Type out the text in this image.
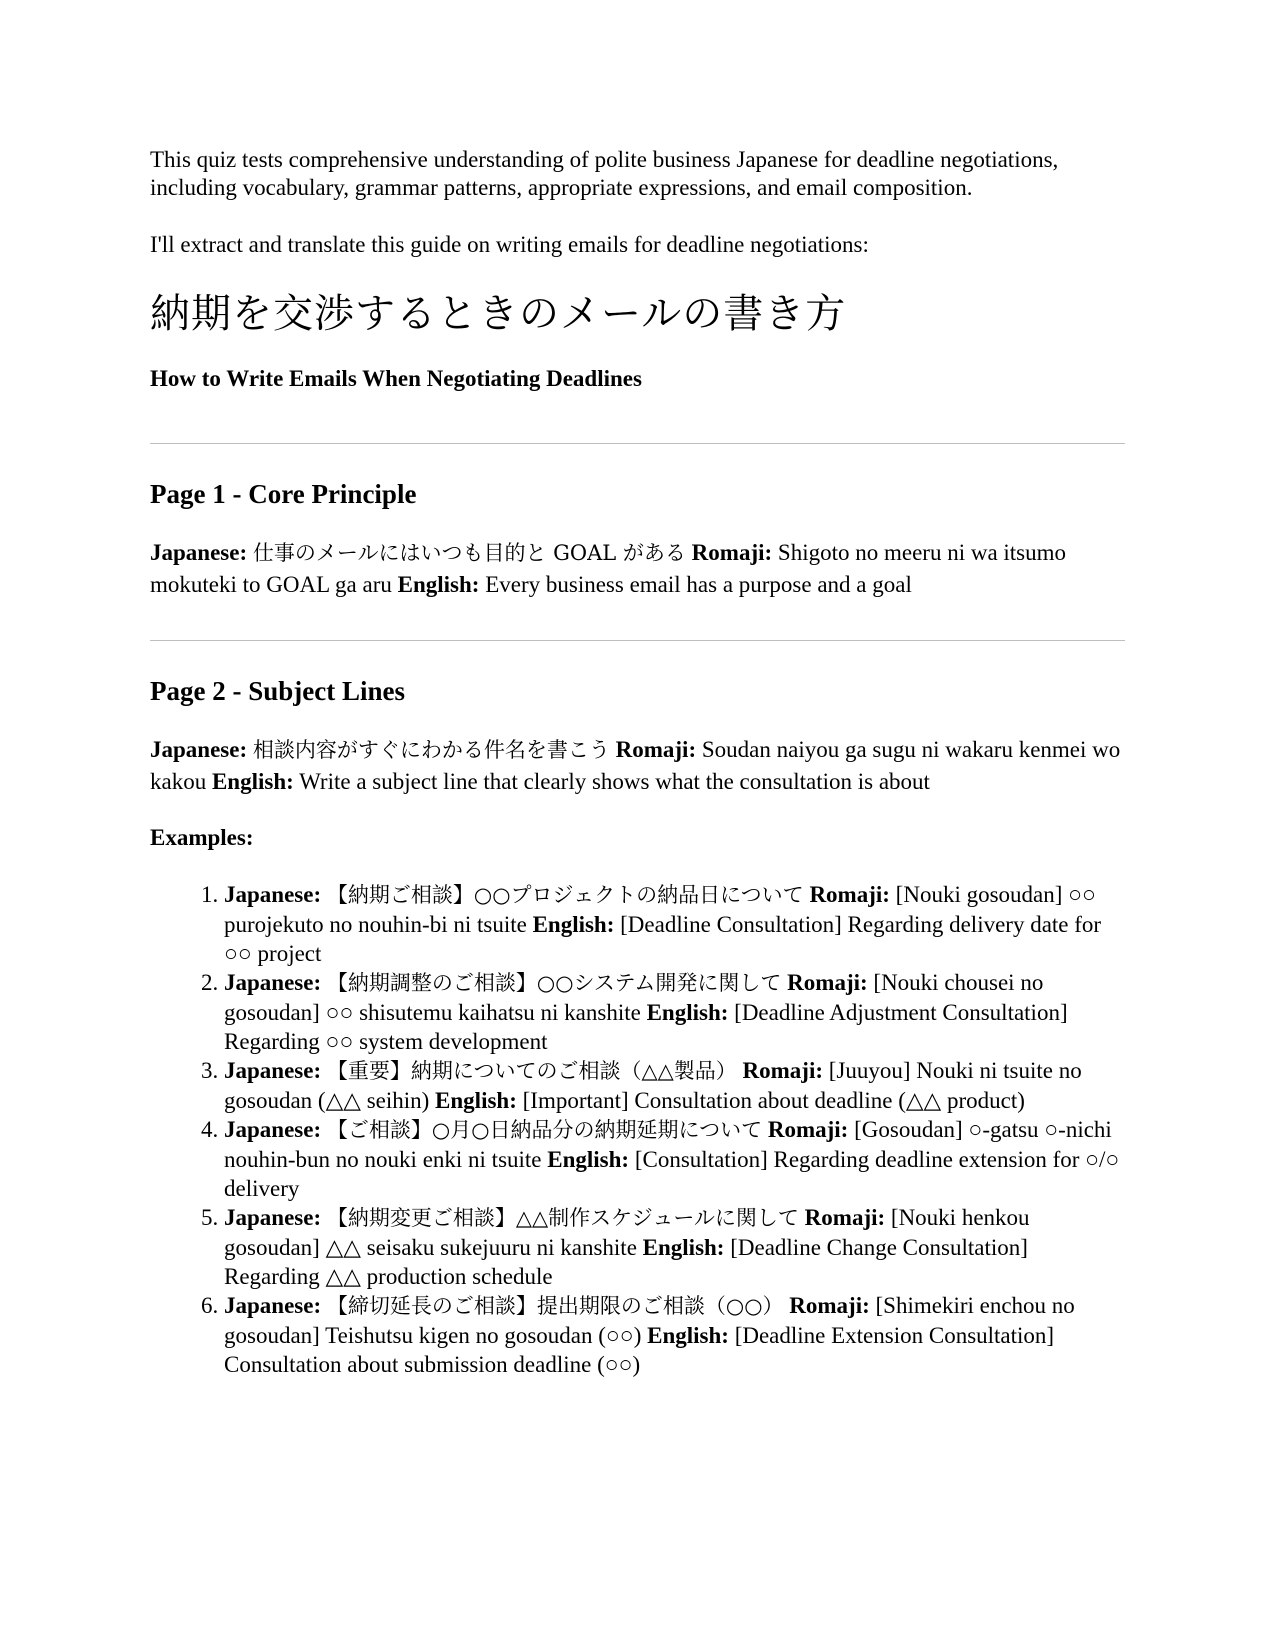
This quiz tests comprehensive understanding of polite business Japanese for deadline negotiations, including vocabulary, grammar patterns, appropriate expressions, and email composition.

I'll extract and translate this guide on writing emails for deadline negotiations:

納期を交渉するときのメールの書き方
How to Write Emails When Negotiating Deadlines
Page 1 - Core Principle
Japanese: 仕事のメールにはいつも目的と GOAL がある Romaji: Shigoto no meeru ni wa itsumo mokuteki to GOAL ga aru English: Every business email has a purpose and a goal
Page 2 - Subject Lines
Japanese: 相談内容がすぐにわかる件名を書こう Romaji: Soudan naiyou ga sugu ni wakaru kenmei wo kakou English: Write a subject line that clearly shows what the consultation is about
Examples:
1. Japanese: 【納期ご相談】○○プロジェクトの納品日について Romaji: [Nouki gosoudan] ○○ purojekuto no nouhin-bi ni tsuite English: [Deadline Consultation] Regarding delivery date for ○○ project
2. Japanese: 【納期調整のご相談】○○システム開発に関して Romaji: [Nouki chousei no gosoudan] ○○ shisutemu kaihatsu ni kanshite English: [Deadline Adjustment Consultation] Regarding ○○ system development
3. Japanese: 【重要】納期についてのご相談（△△製品） Romaji: [Juuyou] Nouki ni tsuite no gosoudan (△△ seihin) English: [Important] Consultation about deadline (△△ product)
4. Japanese: 【ご相談】○月○日納品分の納期延期について Romaji: [Gosoudan] ○-gatsu ○-nichi nouhin-bun no nouki enki ni tsuite English: [Consultation] Regarding deadline extension for ○/○ delivery
5. Japanese: 【納期変更ご相談】△△制作スケジュールに関して Romaji: [Nouki henkou gosoudan] △△ seisaku sukejuuru ni kanshite English: [Deadline Change Consultation] Regarding △△ production schedule
6. Japanese: 【締切延長のご相談】提出期限のご相談（○○） Romaji: [Shimekiri enchou no gosoudan] Teishutsu kigen no gosoudan (○○) English: [Deadline Extension Consultation] Consultation about submission deadline (○○)
